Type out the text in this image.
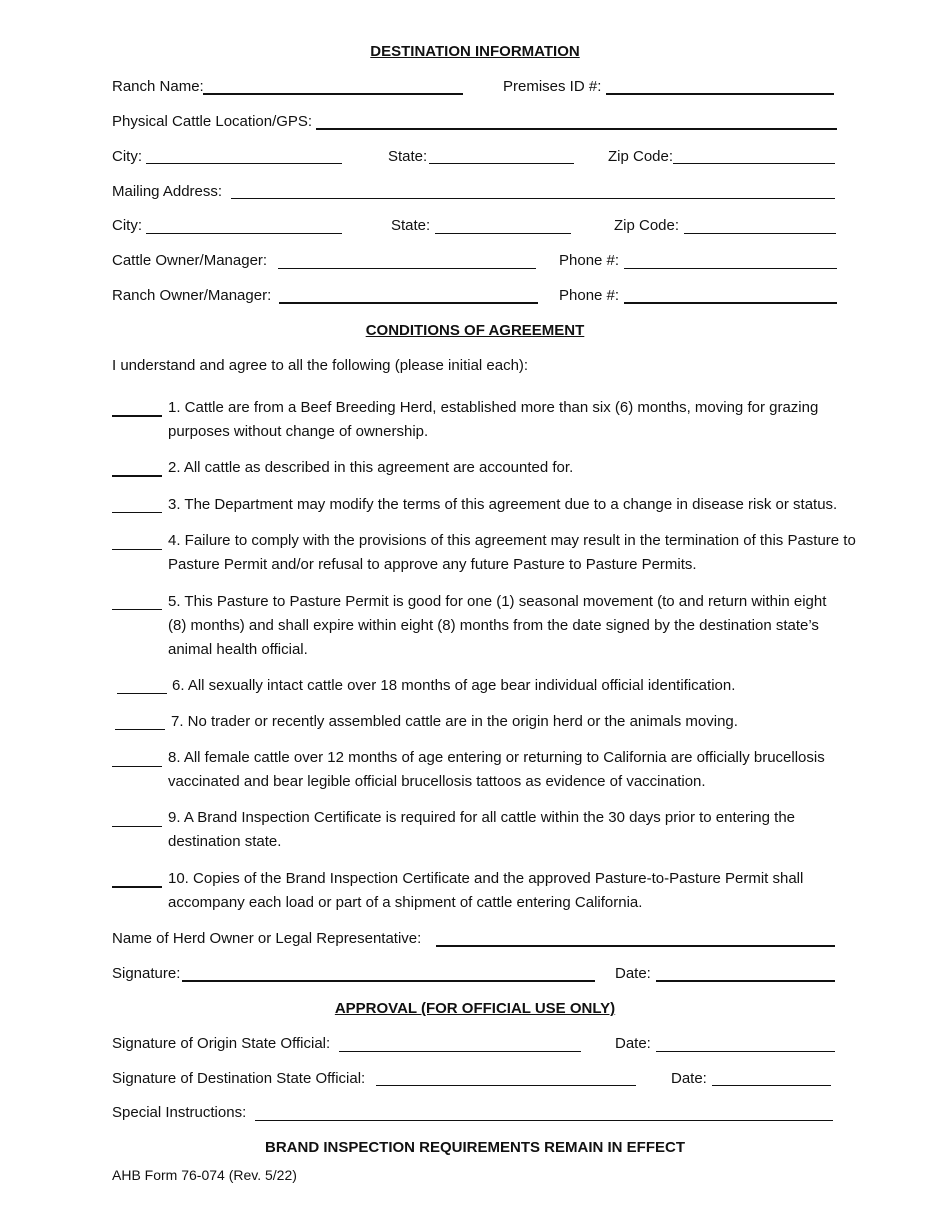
DESTINATION INFORMATION
Ranch Name:	Premises ID #:
Physical Cattle Location/GPS:
City:	State:	Zip Code:
Mailing Address:
City:	State:	Zip Code:
Cattle Owner/Manager:	Phone #:
Ranch Owner/Manager:	Phone #:
CONDITIONS OF AGREEMENT
I understand and agree to all the following (please initial each):
1. Cattle are from a Beef Breeding Herd, established more than six (6) months, moving for grazing purposes without change of ownership.
2. All cattle as described in this agreement are accounted for.
3. The Department may modify the terms of this agreement due to a change in disease risk or status.
4. Failure to comply with the provisions of this agreement may result in the termination of this Pasture to Pasture Permit and/or refusal to approve any future Pasture to Pasture Permits.
5. This Pasture to Pasture Permit is good for one (1) seasonal movement (to and return within eight (8) months) and shall expire within eight (8) months from the date signed by the destination state’s animal health official.
6. All sexually intact cattle over 18 months of age bear individual official identification.
7. No trader or recently assembled cattle are in the origin herd or the animals moving.
8. All female cattle over 12 months of age entering or returning to California are officially brucellosis vaccinated and bear legible official brucellosis tattoos as evidence of vaccination.
9. A Brand Inspection Certificate is required for all cattle within the 30 days prior to entering the destination state.
10. Copies of the Brand Inspection Certificate and the approved Pasture-to-Pasture Permit shall accompany each load or part of a shipment of cattle entering California.
Name of Herd Owner or Legal Representative:
Signature:	Date:
APPROVAL (FOR OFFICIAL USE ONLY)
Signature of Origin State Official:	Date:
Signature of Destination State Official:	Date:
Special Instructions:
BRAND INSPECTION REQUIREMENTS REMAIN IN EFFECT
AHB Form 76-074 (Rev. 5/22)
